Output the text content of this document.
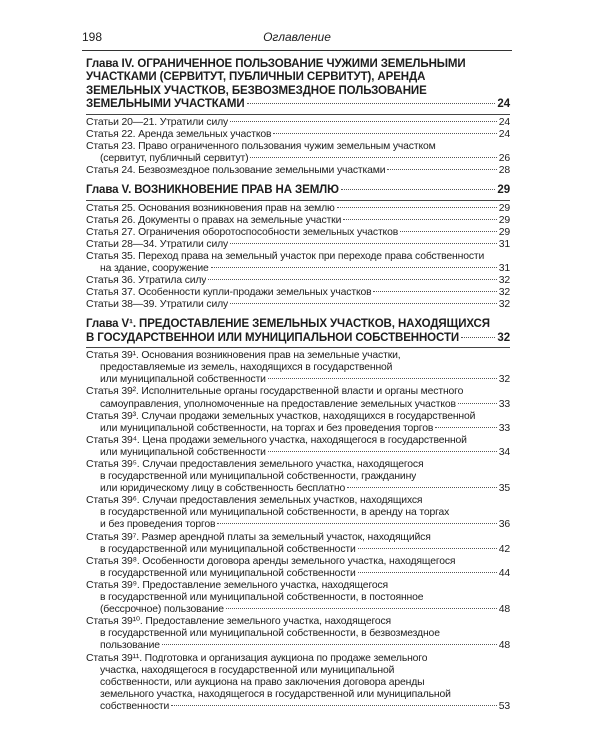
198	Оглавление
Глава IV. ОГРАНИЧЕННОЕ ПОЛЬЗОВАНИЕ ЧУЖИМИ ЗЕМЕЛЬНЫМИ
УЧАСТКАМИ (СЕРВИТУТ, ПУБЛИЧНЫЙ СЕРВИТУТ), АРЕНДА
ЗЕМЕЛЬНЫХ УЧАСТКОВ, БЕЗВОЗМЕЗДНОЕ ПОЛЬЗОВАНИЕ
ЗЕМЕЛЬНЫМИ УЧАСТКАМИ	24
Статьи 20—21. Утратили силу	24
Статья 22. Аренда земельных участков	24
Статья 23. Право ограниченного пользования чужим земельным участком
(сервитут, публичный сервитут)	26
Статья 24. Безвозмездное пользование земельными участками	28
Глава V. ВОЗНИКНОВЕНИЕ ПРАВ НА ЗЕМЛЮ	29
Статья 25. Основания возникновения прав на землю	29
Статья 26. Документы о правах на земельные участки	29
Статья 27. Ограничения оборотоспособности земельных участков	29
Статьи 28—34. Утратили силу	31
Статья 35. Переход права на земельный участок при переходе права собственности
на здание, сооружение	31
Статья 36. Утратила силу	32
Статья 37. Особенности купли-продажи земельных участков	32
Статьи 38—39. Утратили силу	32
Глава V¹. ПРЕДОСТАВЛЕНИЕ ЗЕМЕЛЬНЫХ УЧАСТКОВ, НАХОДЯЩИХСЯ
В ГОСУДАРСТВЕННОЙ ИЛИ МУНИЦИПАЛЬНОЙ СОБСТВЕННОСТИ	32
Статья 39¹. Основания возникновения прав на земельные участки,
предоставляемые из земель, находящихся в государственной
или муниципальной собственности	32
Статья 39². Исполнительные органы государственной власти и органы местного
самоуправления, уполномоченные на предоставление земельных участков	33
Статья 39³. Случаи продажи земельных участков, находящихся в государственной
или муниципальной собственности, на торгах и без проведения торгов	33
Статья 39⁴. Цена продажи земельного участка, находящегося в государственной
или муниципальной собственности	34
Статья 39⁵. Случаи предоставления земельного участка, находящегося
в государственной или муниципальной собственности, гражданину
или юридическому лицу в собственность бесплатно	35
Статья 39⁶. Случаи предоставления земельных участков, находящихся
в государственной или муниципальной собственности, в аренду на торгах
и без проведения торгов	36
Статья 39⁷. Размер арендной платы за земельный участок, находящийся
в государственной или муниципальной собственности	42
Статья 39⁸. Особенности договора аренды земельного участка, находящегося
в государственной или муниципальной собственности	44
Статья 39⁹. Предоставление земельного участка, находящегося
в государственной или муниципальной собственности, в постоянное
(бессрочное) пользование	48
Статья 39¹⁰. Предоставление земельного участка, находящегося
в государственной или муниципальной собственности, в безвозмездное
пользование	48
Статья 39¹¹. Подготовка и организация аукциона по продаже земельного
участка, находящегося в государственной или муниципальной
собственности, или аукциона на право заключения договора аренды
земельного участка, находящегося в государственной или муниципальной
собственности	53
